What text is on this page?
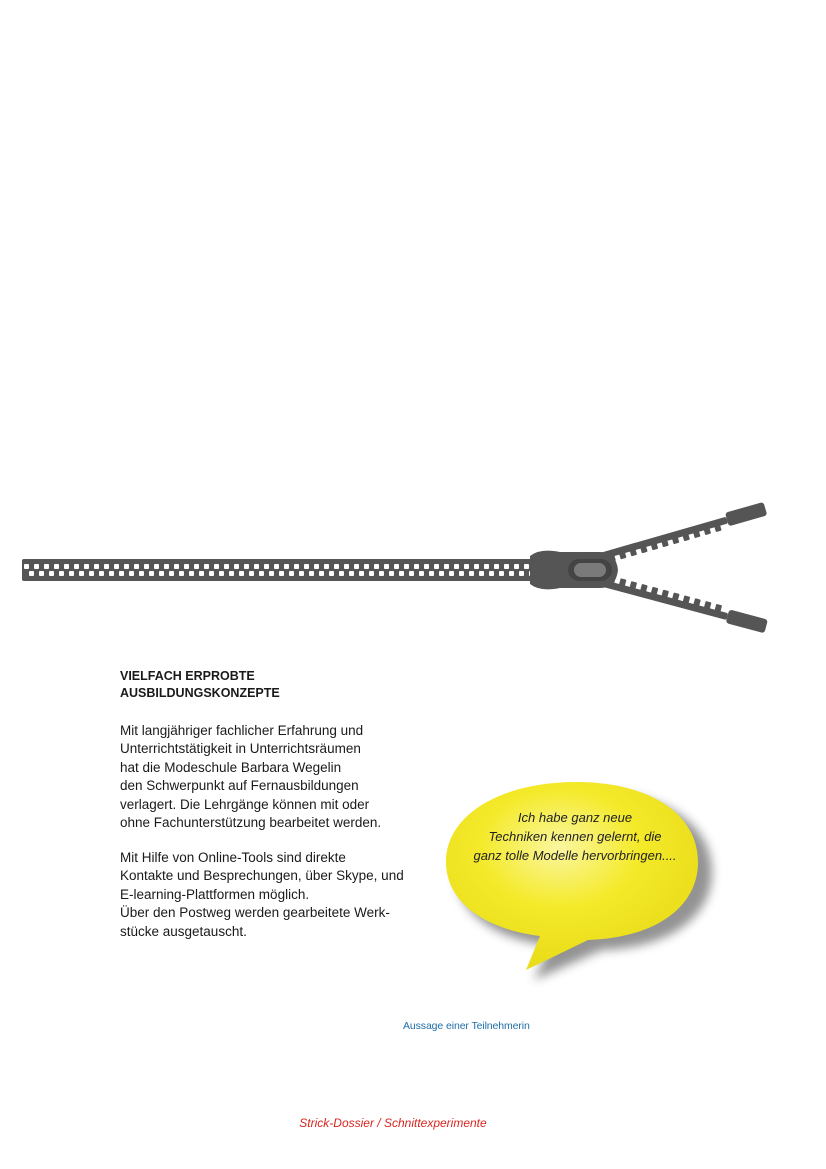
VIELFACH ERPROBTE
AUSBILDUNGSKONZEPTE

Mit langjähriger fachlicher Erfahrung und
Unterrichtstätigkeit in Unterrichtsräumen
hat die Modeschule Barbara Wegelin
den Schwerpunkt auf Fernausbildungen
verlagert. Die Lehrgänge können mit oder
ohne Fachunterstützung bearbeitet werden.

Mit Hilfe von Online-Tools sind direkte
Kontakte und Besprechungen, über Skype, und
E-learning-Plattformen möglich.
Über den Postweg werden gearbeitete Werk-
stücke ausgetauscht.

Ich habe ganz neue
Techniken kennen gelernt, die
ganz tolle Modelle hervorbringen....
Aussage einer Teilnehmerin
Strick-Dossier / Schnittexperimente
